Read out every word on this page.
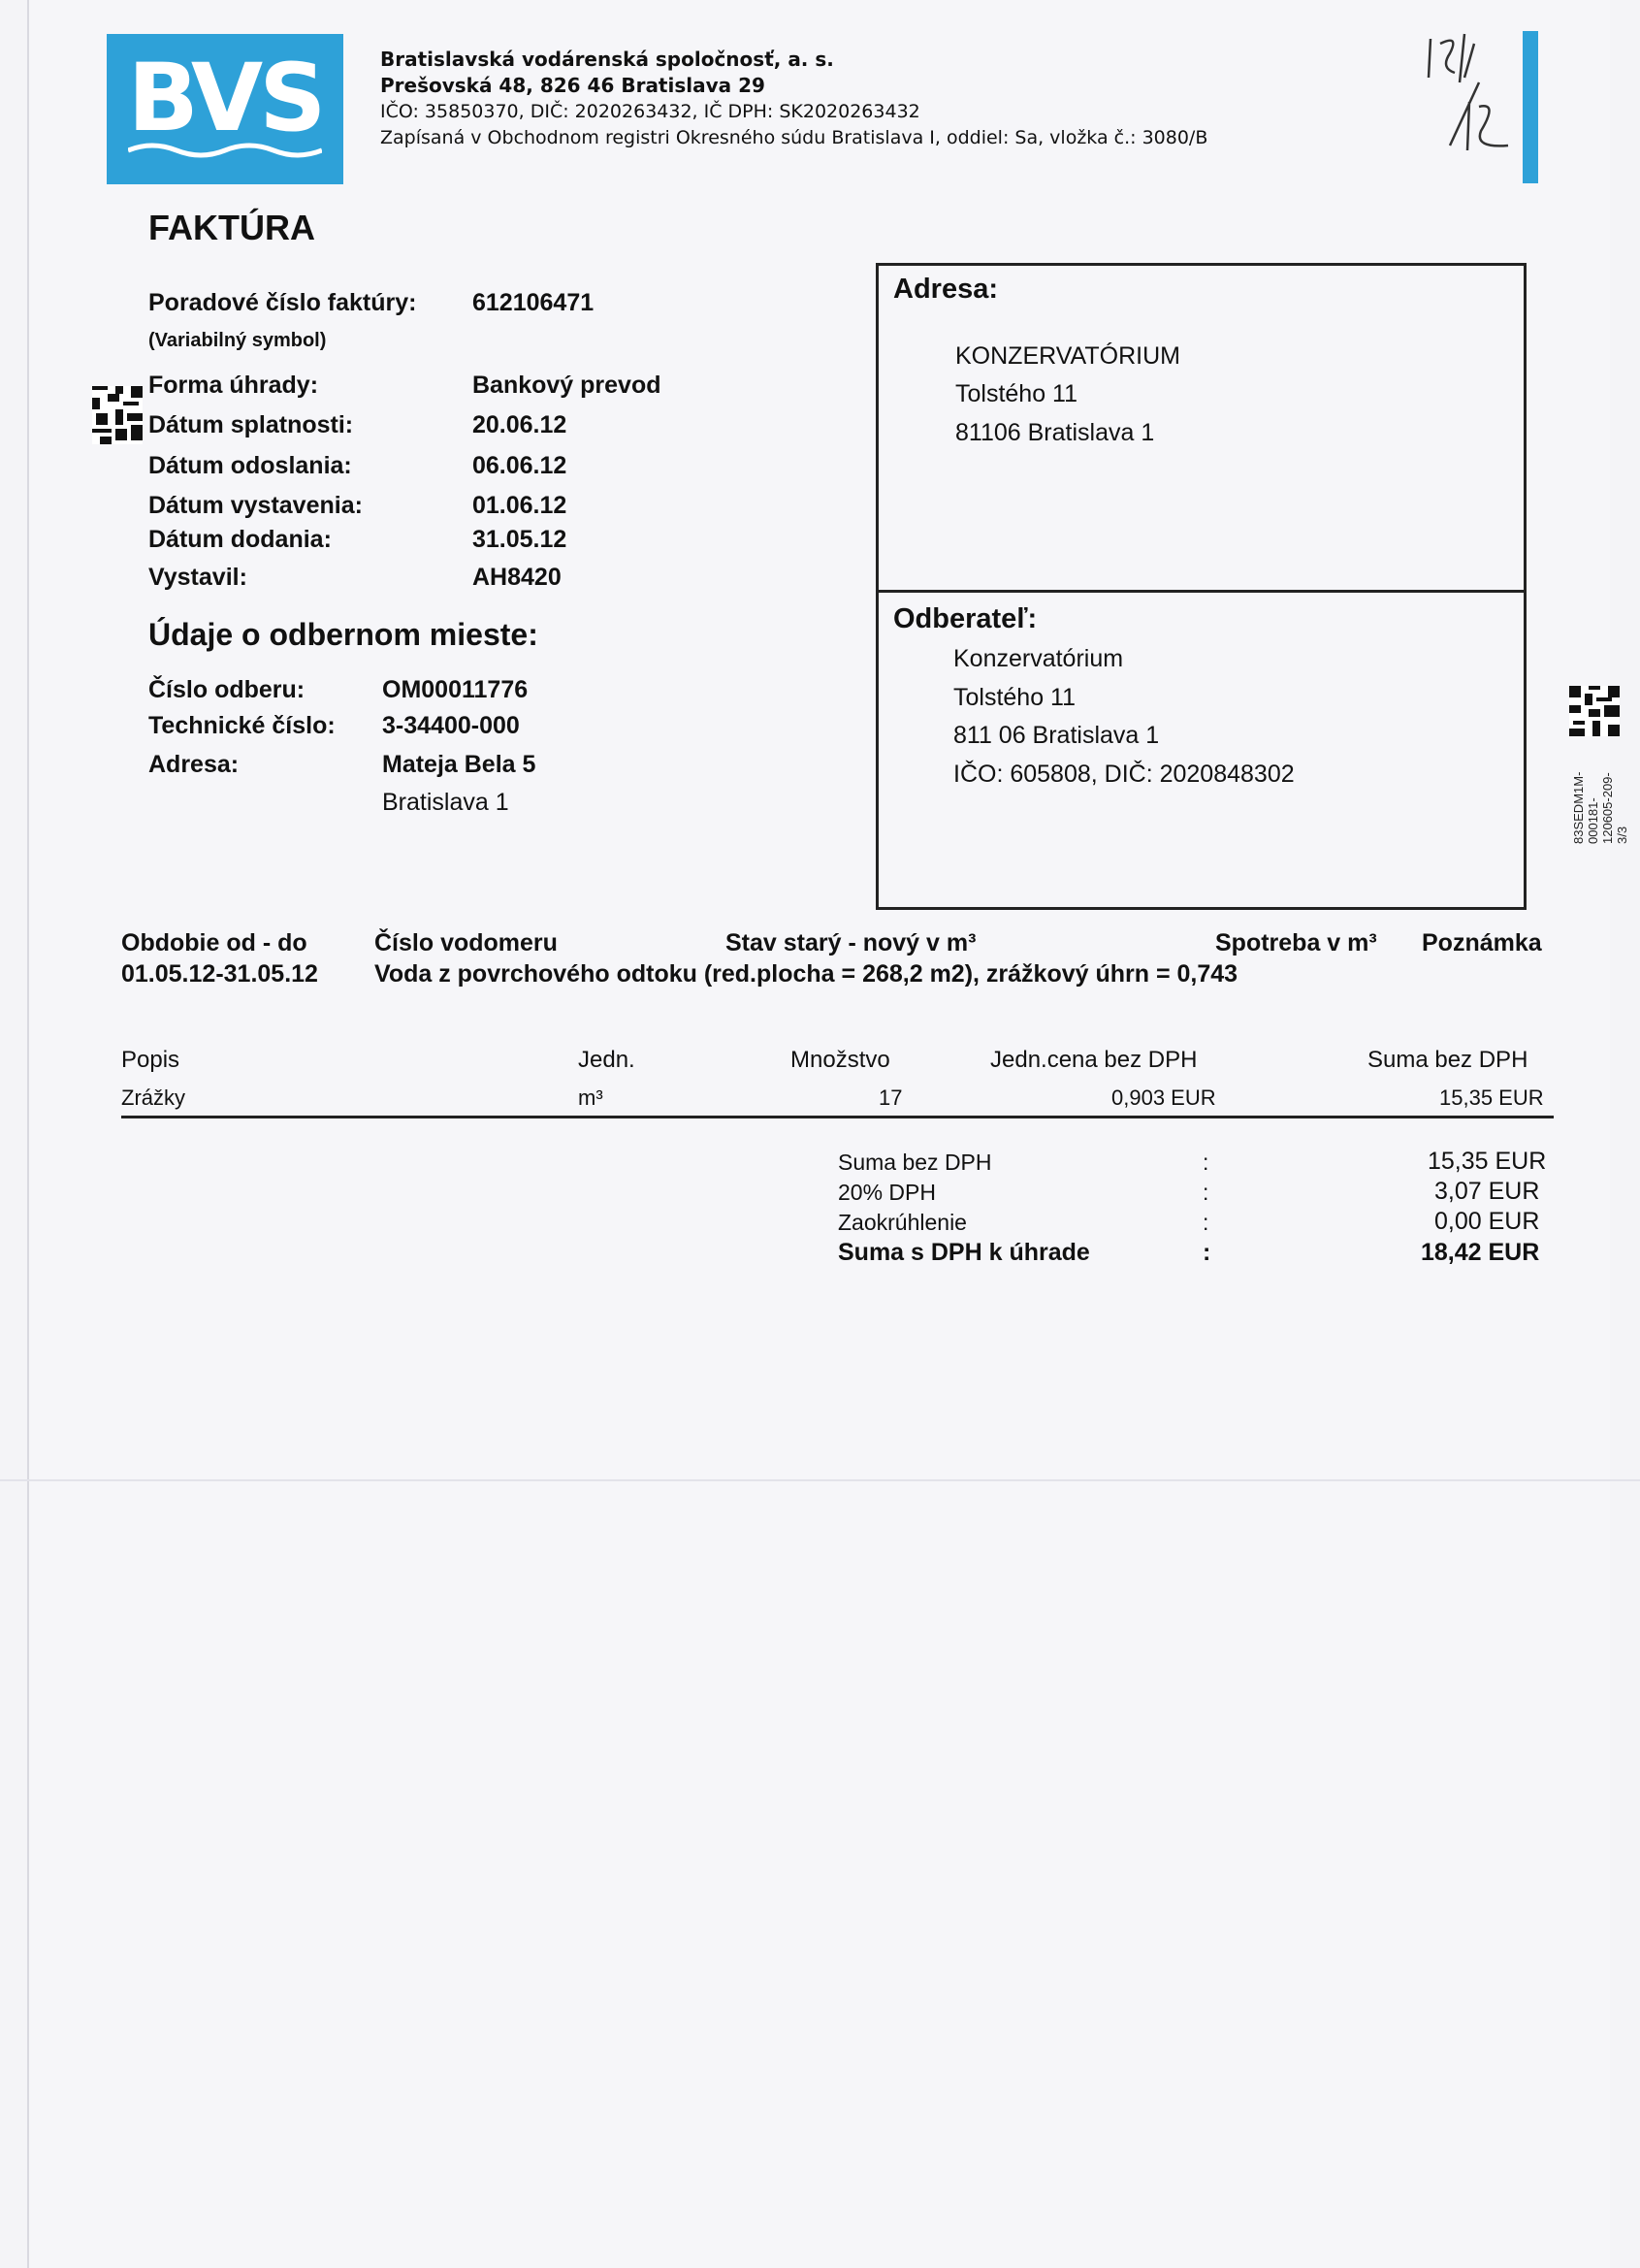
BVS	Bratislavská vodárenská spoločnosť, a. s.
Prešovská 48, 826 46 Bratislava 29
IČO: 35850370, DIČ: 2020263432, IČ DPH: SK2020263432
Zapísaná v Obchodnom registri Okresného súdu Bratislava I, oddiel: Sa, vložka č.: 3080/B
FAKTÚRA
Poradové číslo faktúry: 612106471
(Variabilný symbol)
Forma úhrady:	Bankový prevod
Dátum splatnosti:	20.06.12
Dátum odoslania:	06.06.12
Dátum vystavenia:	01.06.12
Dátum dodania:	31.05.12
Vystavil:	AH8420
Údaje o odbernom mieste:
Číslo odberu:	OM00011776
Technické číslo: 3-34400-000
Adresa:	Mateja Bela 5
Bratislava 1
Adresa:
KONZERVATÓRIUM
Tolstého 11
81106 Bratislava 1
Odberateľ:
Konzervatórium
Tolstého 11
811 06 Bratislava 1
IČO: 605808, DIČ: 2020848302	83SEDM1M-000181-120605-209-3/3
Obdobie od - do	Číslo vodomeru	Stav starý - nový v m³	Spotreba v m³ Poznámka
01.05.12-31.05.12 Voda z povrchového odtoku (red.plocha = 268,2 m2), zrážkový úhrn = 0,743
Popis	Jedn.	Množstvo	Jedn.cena bez DPH	Suma bez DPH
Zrážky	m³	17	0,903 EUR	15,35 EUR
Suma bez DPH	:	15,35 EUR
20% DPH	:	3,07 EUR
Zaokrúhlenie	:	0,00 EUR
Suma s DPH k úhrade	:	18,42 EUR
